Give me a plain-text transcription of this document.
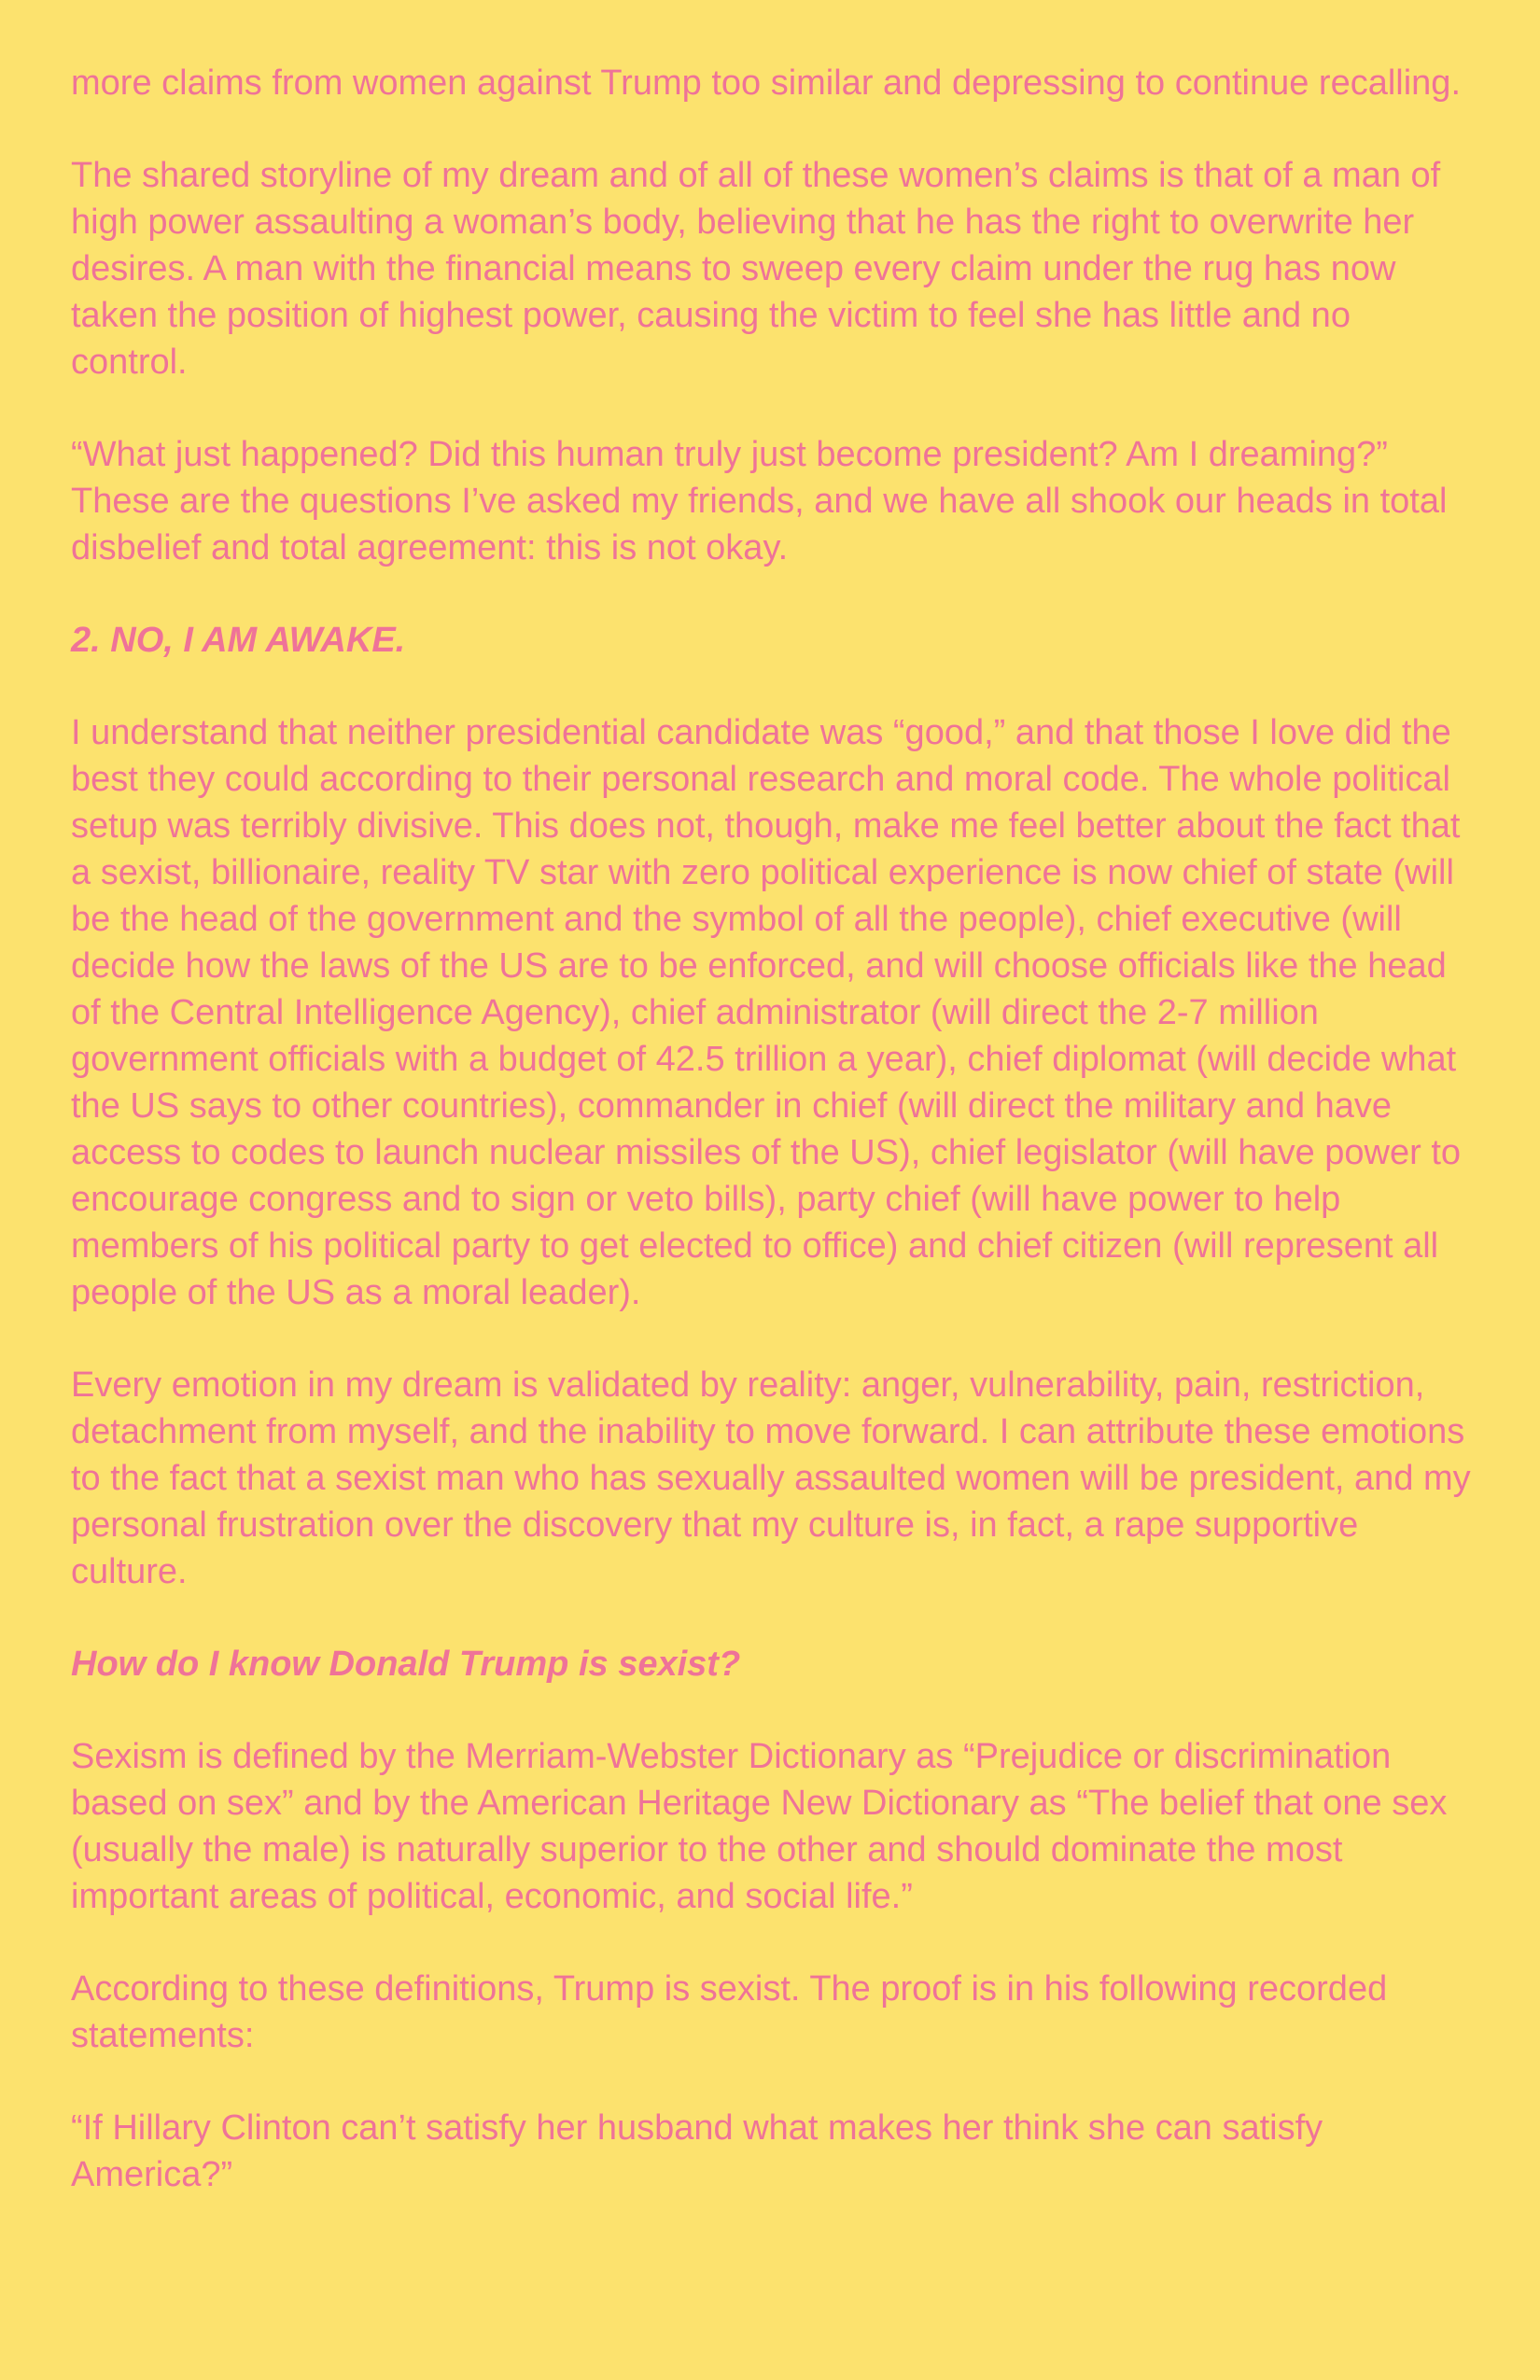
more claims from women against Trump too similar and depressing to continue recalling.

The shared storyline of my dream and of all of these women’s claims is that of a man of high power assaulting a woman’s body, believing that he has the right to overwrite her desires. A man with the financial means to sweep every claim under the rug has now taken the position of highest power, causing the victim to feel she has little and no control.

“What just happened? Did this human truly just become president? Am I dreaming?” These are the questions I’ve asked my friends, and we have all shook our heads in total disbelief and total agreement: this is not okay.

2. NO, I AM AWAKE.

I understand that neither presidential candidate was “good,” and that those I love did the best they could according to their personal research and moral code. The whole political setup was terribly divisive. This does not, though, make me feel better about the fact that a sexist, billionaire, reality TV star with zero political experience is now chief of state (will be the head of the government and the symbol of all the people), chief executive (will decide how the laws of the US are to be enforced, and will choose officials like the head of the Central Intelligence Agency), chief administrator (will direct the 2-7 million government officials with a budget of 42.5 trillion a year), chief diplomat (will decide what the US says to other countries), commander in chief (will direct the military and have access to codes to launch nuclear missiles of the US), chief legislator (will have power to encourage congress and to sign or veto bills), party chief (will have power to help members of his political party to get elected to office) and chief citizen (will represent all people of the US as a moral leader).

Every emotion in my dream is validated by reality: anger, vulnerability, pain, restriction, detachment from myself, and the inability to move forward. I can attribute these emotions to the fact that a sexist man who has sexually assaulted women will be president, and my personal frustration over the discovery that my culture is, in fact, a rape supportive culture.

How do I know Donald Trump is sexist?

Sexism is defined by the Merriam-Webster Dictionary as “Prejudice or discrimination based on sex” and by the American Heritage New Dictionary as “The belief that one sex (usually the male) is naturally superior to the other and should dominate the most important areas of political, economic, and social life.”

According to these definitions, Trump is sexist. The proof is in his following recorded statements:

“If Hillary Clinton can’t satisfy her husband what makes her think she can satisfy America?”
